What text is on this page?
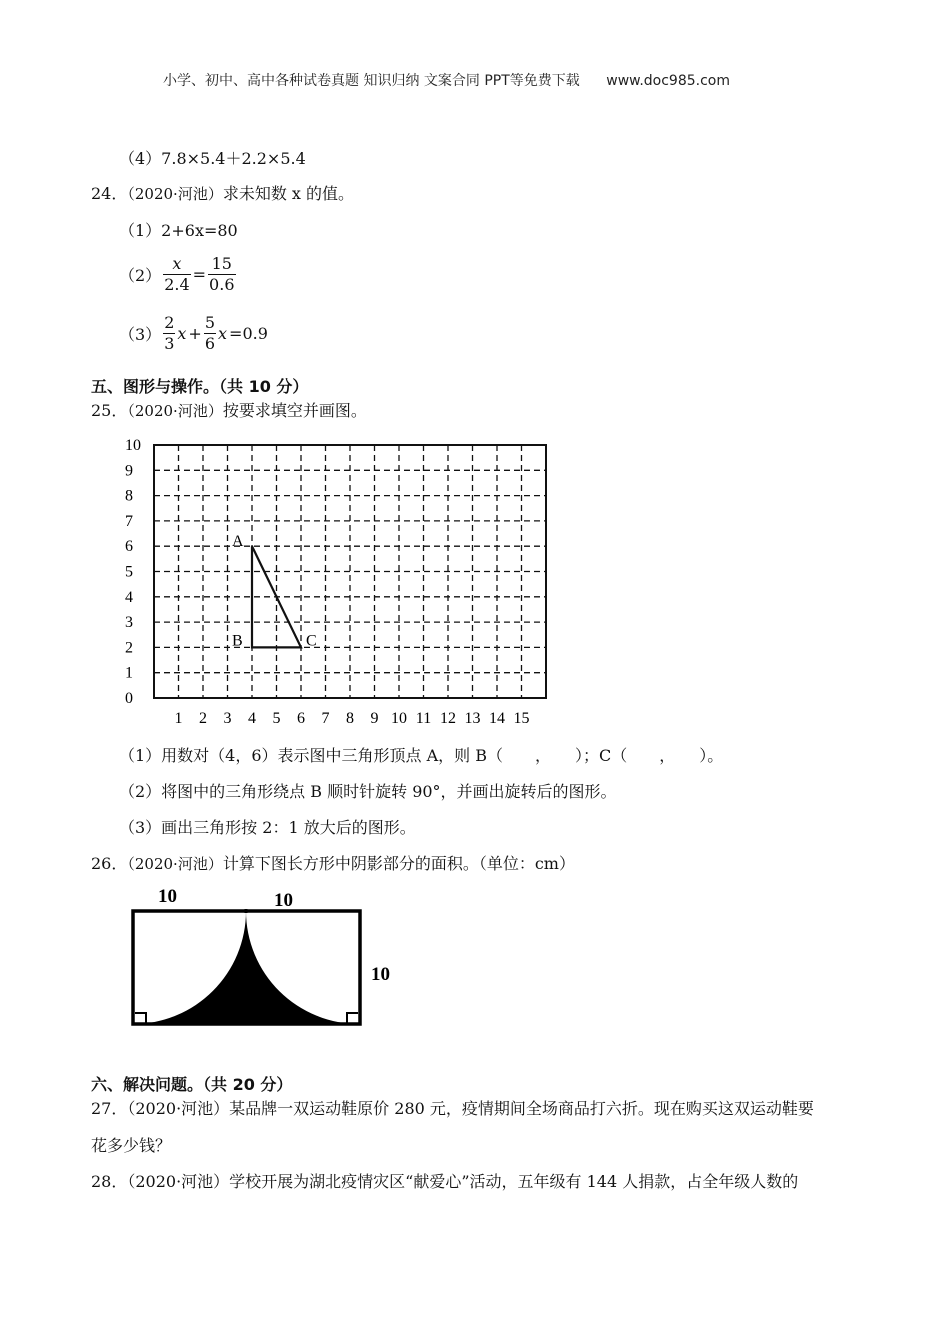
小学、初中、高中各种试卷真题 知识归纳 文案合同 PPT等免费下载 www.doc985.com
（4）7.8×5.4＋2.2×5.4
24．（2020·河池）求未知数 x 的值。
（1）2+6x=80
$(2) \frac{x}{2.4} = \frac{15}{0.6}$
$(3) \frac{2}{3}$ $x + \frac{5}{6}$ x =0.9
五、图形与操作。（共 10 分）
25．（2020·河池）按要求填空并画图。
0
1
2
3
4
5
6
7
8
9
10
1 2 3 4 5 6 7 8 9 10 11 12 13 14 15
A
B	C
（1）用数对（4，6）表示图中三角形顶点 A，则 B（　　，　　）；C（　　，　　）。
（2）将图中的三角形绕点 B 顺时针旋转 90°，并画出旋转后的图形。
（3）画出三角形按 2：1 放大后的图形。
26．（2020·河池）计算下图长方形中阴影部分的面积。（单位：cm）
10	10
10
六、解决问题。（共 20 分）
27．（2020·河池）某品牌一双运动鞋原价 280 元，疫情期间全场商品打六折。现在购买这双运动鞋要
花多少钱？
28．（2020·河池）学校开展为湖北疫情灾区“献爱心”活动，五年级有 144 人捐款，占全年级人数的
